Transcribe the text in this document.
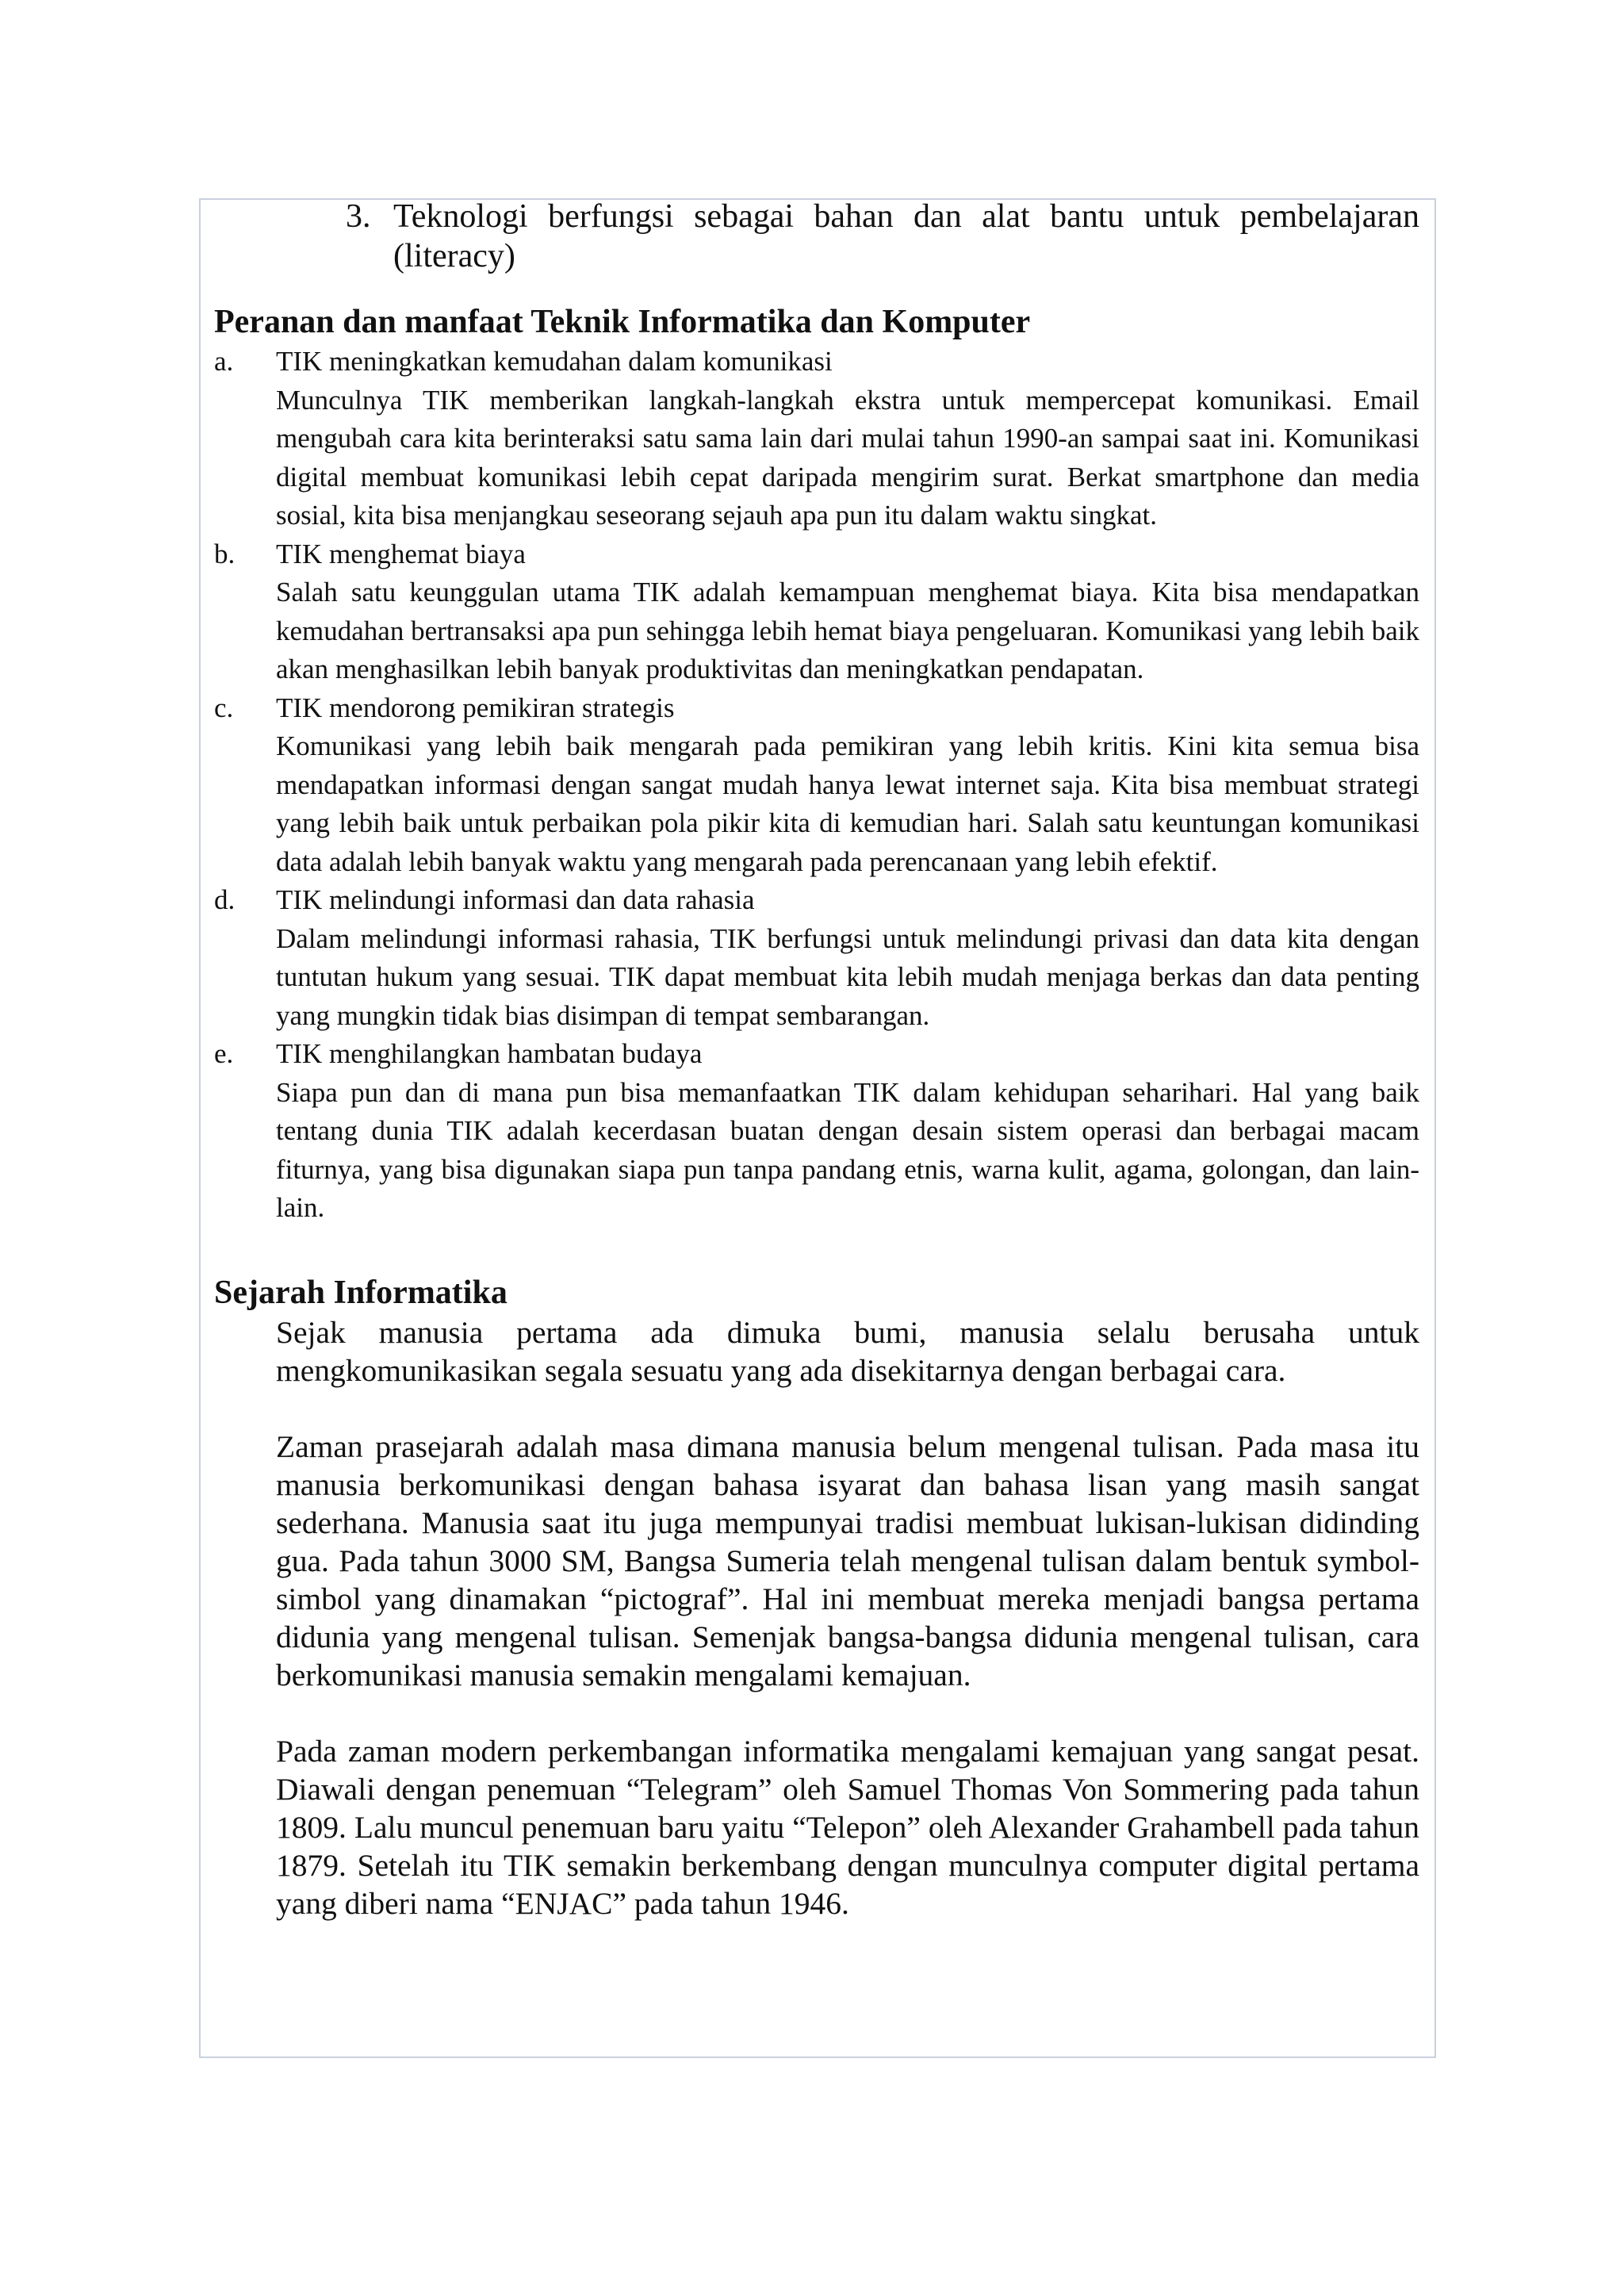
3. Teknologi berfungsi sebagai bahan dan alat bantu untuk pembelajaran (literacy)
Peranan dan manfaat Teknik Informatika dan Komputer
a. TIK meningkatkan kemudahan dalam komunikasi
Munculnya TIK memberikan langkah-langkah ekstra untuk mempercepat komunikasi. Email mengubah cara kita berinteraksi satu sama lain dari mulai tahun 1990-an sampai saat ini. Komunikasi digital membuat komunikasi lebih cepat daripada mengirim surat. Berkat smartphone dan media sosial, kita bisa menjangkau seseorang sejauh apa pun itu dalam waktu singkat.
b. TIK menghemat biaya
Salah satu keunggulan utama TIK adalah kemampuan menghemat biaya. Kita bisa mendapatkan kemudahan bertransaksi apa pun sehingga lebih hemat biaya pengeluaran. Komunikasi yang lebih baik akan menghasilkan lebih banyak produktivitas dan meningkatkan pendapatan.
c. TIK mendorong pemikiran strategis
Komunikasi yang lebih baik mengarah pada pemikiran yang lebih kritis. Kini kita semua bisa mendapatkan informasi dengan sangat mudah hanya lewat internet saja. Kita bisa membuat strategi yang lebih baik untuk perbaikan pola pikir kita di kemudian hari. Salah satu keuntungan komunikasi data adalah lebih banyak waktu yang mengarah pada perencanaan yang lebih efektif.
d. TIK melindungi informasi dan data rahasia
Dalam melindungi informasi rahasia, TIK berfungsi untuk melindungi privasi dan data kita dengan tuntutan hukum yang sesuai. TIK dapat membuat kita lebih mudah menjaga berkas dan data penting yang mungkin tidak bias disimpan di tempat sembarangan.
e. TIK menghilangkan hambatan budaya
Siapa pun dan di mana pun bisa memanfaatkan TIK dalam kehidupan seharihari. Hal yang baik tentang dunia TIK adalah kecerdasan buatan dengan desain sistem operasi dan berbagai macam fiturnya, yang bisa digunakan siapa pun tanpa pandang etnis, warna kulit, agama, golongan, dan lain-lain.
Sejarah Informatika

Sejak manusia pertama ada dimuka bumi, manusia selalu berusaha untuk mengkomunikasikan segala sesuatu yang ada disekitarnya dengan berbagai cara.

Zaman prasejarah adalah masa dimana manusia belum mengenal tulisan. Pada masa itu manusia berkomunikasi dengan bahasa isyarat dan bahasa lisan yang masih sangat sederhana. Manusia saat itu juga mempunyai tradisi membuat lukisan-lukisan didinding gua. Pada tahun 3000 SM, Bangsa Sumeria telah mengenal tulisan dalam bentuk symbol-simbol yang dinamakan “pictograf”. Hal ini membuat mereka menjadi bangsa pertama didunia yang mengenal tulisan. Semenjak bangsa-bangsa didunia mengenal tulisan, cara berkomunikasi manusia semakin mengalami kemajuan.

Pada zaman modern perkembangan informatika mengalami kemajuan yang sangat pesat. Diawali dengan penemuan “Telegram” oleh Samuel Thomas Von Sommering pada tahun 1809. Lalu muncul penemuan baru yaitu “Telepon” oleh Alexander Grahambell pada tahun 1879. Setelah itu TIK semakin berkembang dengan munculnya computer digital pertama yang diberi nama “ENJAC” pada tahun 1946.
